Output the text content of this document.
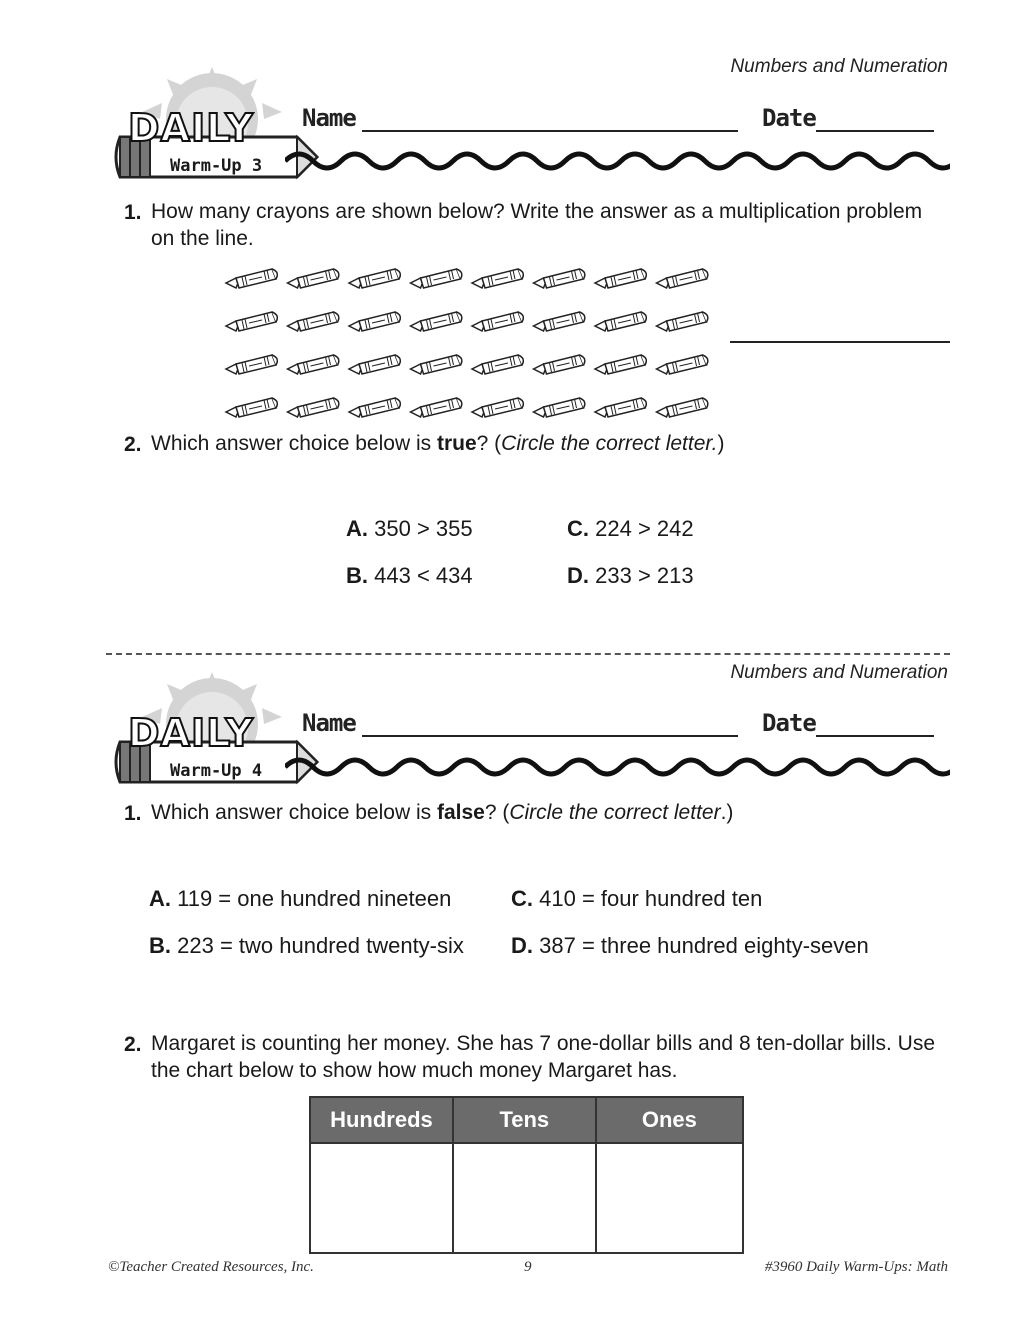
Numbers and Numeration
DAILY
Warm-Up 3
Name	Date
1. How many crayons are shown below? Write the answer as a multiplication problem on the line.
2. Which answer choice below is true? (Circle the correct letter.)
A. 350 > 355	C. 224 > 242
B. 443 < 434	D. 233 > 213
Numbers and Numeration
DAILY
Warm-Up 4
Name	Date
1. Which answer choice below is false? (Circle the correct letter.)
A. 119 = one hundred nineteen	C. 410 = four hundred ten
B. 223 = two hundred twenty-six D. 387 = three hundred eighty-seven
2. Margaret is counting her money. She has 7 one-dollar bills and 8 ten-dollar bills. Use the chart below to show how much money Margaret has.
Hundreds	Tens	Ones

©Teacher Created Resources, Inc.	9	#3960 Daily Warm-Ups: Math
